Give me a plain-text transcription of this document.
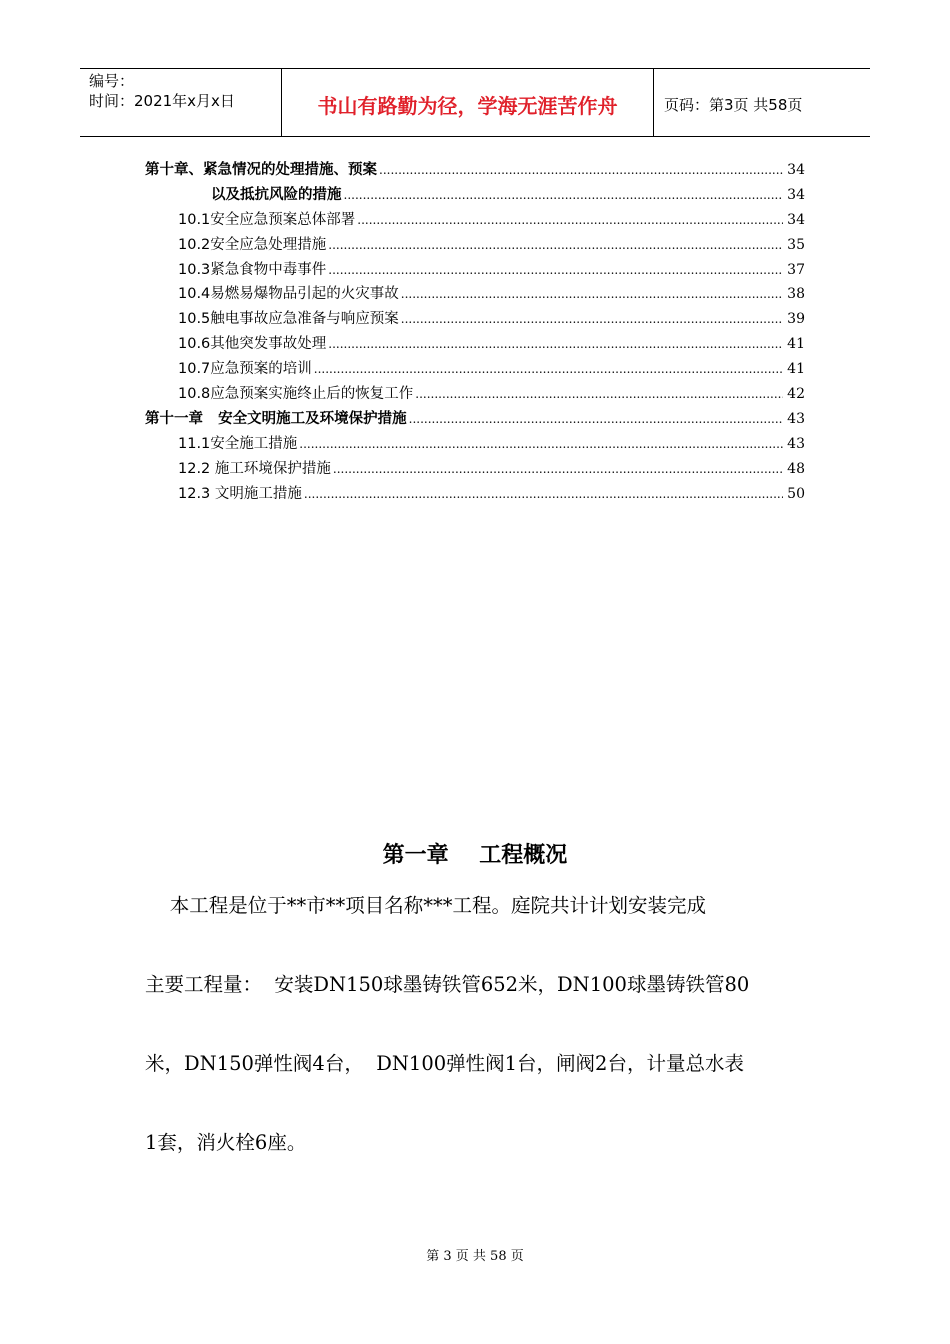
编号：
时间：2021年x月x日	书山有路勤为径，学海无涯苦作舟	页码：第3页 共58页
第十章、紧急情况的处理措施、预案 .....	34
以及抵抗风险的措施 .....	34
10.1安全应急预案总体部署 .....	34
10.2安全应急处理措施 .....	35
10.3紧急食物中毒事件 .....	37
10.4易燃易爆物品引起的火灾事故 .....	38
10.5触电事故应急准备与响应预案 .....	39
10.6其他突发事故处理 .....	41
10.7应急预案的培训 .....	41
10.8应急预案实施终止后的恢复工作 .....	42
第十一章   安全文明施工及环境保护措施 .....	43
11.1安全施工措施 .....	43
12.2 施工环境保护措施 .....	48
12.3 文明施工措施 .....	50
第一章    工程概况
本工程是位于**市**项目名称***工程。庭院共计计划安装完成
主要工程量：  安装DN150球墨铸铁管652米，DN100球墨铸铁管80
米，DN150弹性阀4台，  DN100弹性阀1台，闸阀2台，计量总水表
1套，消火栓6座。
第 3 页 共 58 页
